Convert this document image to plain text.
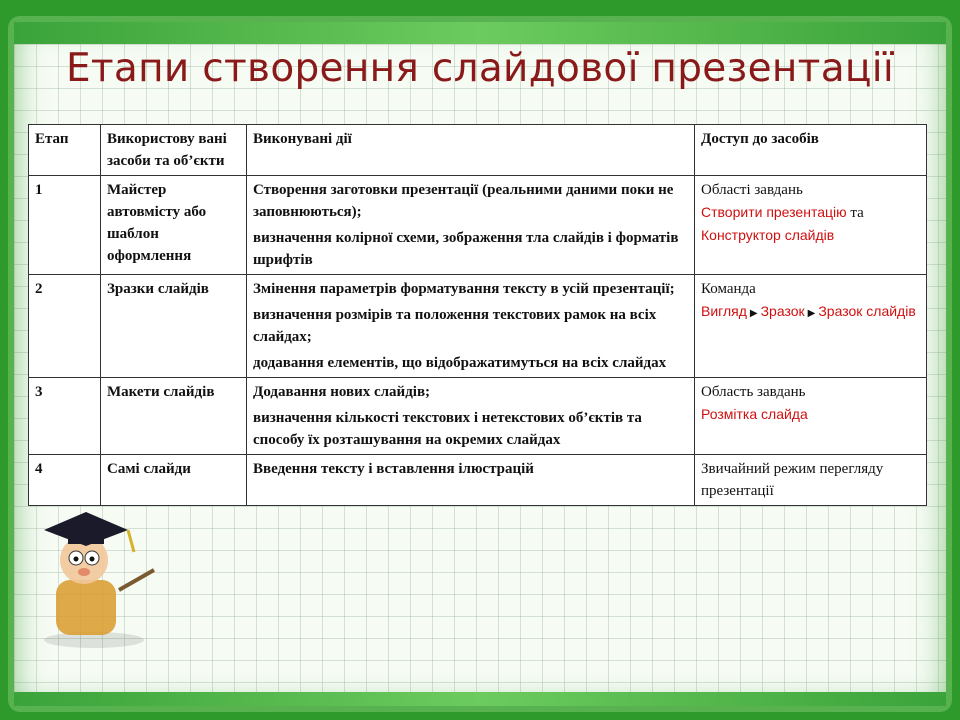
Етапи створення слайдової презентації
Етап	Використову вані засоби та об’єкти	Виконувані дії	Доступ до засобів
1	Майстер автовмісту або шаблон оформлення	Створення заготовки презентації (реальними даними поки не заповнюються);
визначення колірної схеми, зображення тла слайдів і форматів шрифтів	Області завдань
Створити презентацію та Конструктор слайдів
2	Зразки слайдів	Змінення параметрів форматування тексту в усій презентації;
визначення розмірів та положення текстових рамок на всіх слайдах;
додавання елементів, що відображатимуться на всіх слайдах	Команда
Вигляд ▶ Зразок ▶ Зразок слайдів
3	Макети слайдів	Додавання нових слайдів;
визначення кількості текстових і нетекстових об’єктів та способу їх розташування на окремих слайдах	Область завдань
Розмітка слайда
4	Самі слайди	Введення тексту і вставлення ілюстрацій	Звичайний режим перегляду презентації
